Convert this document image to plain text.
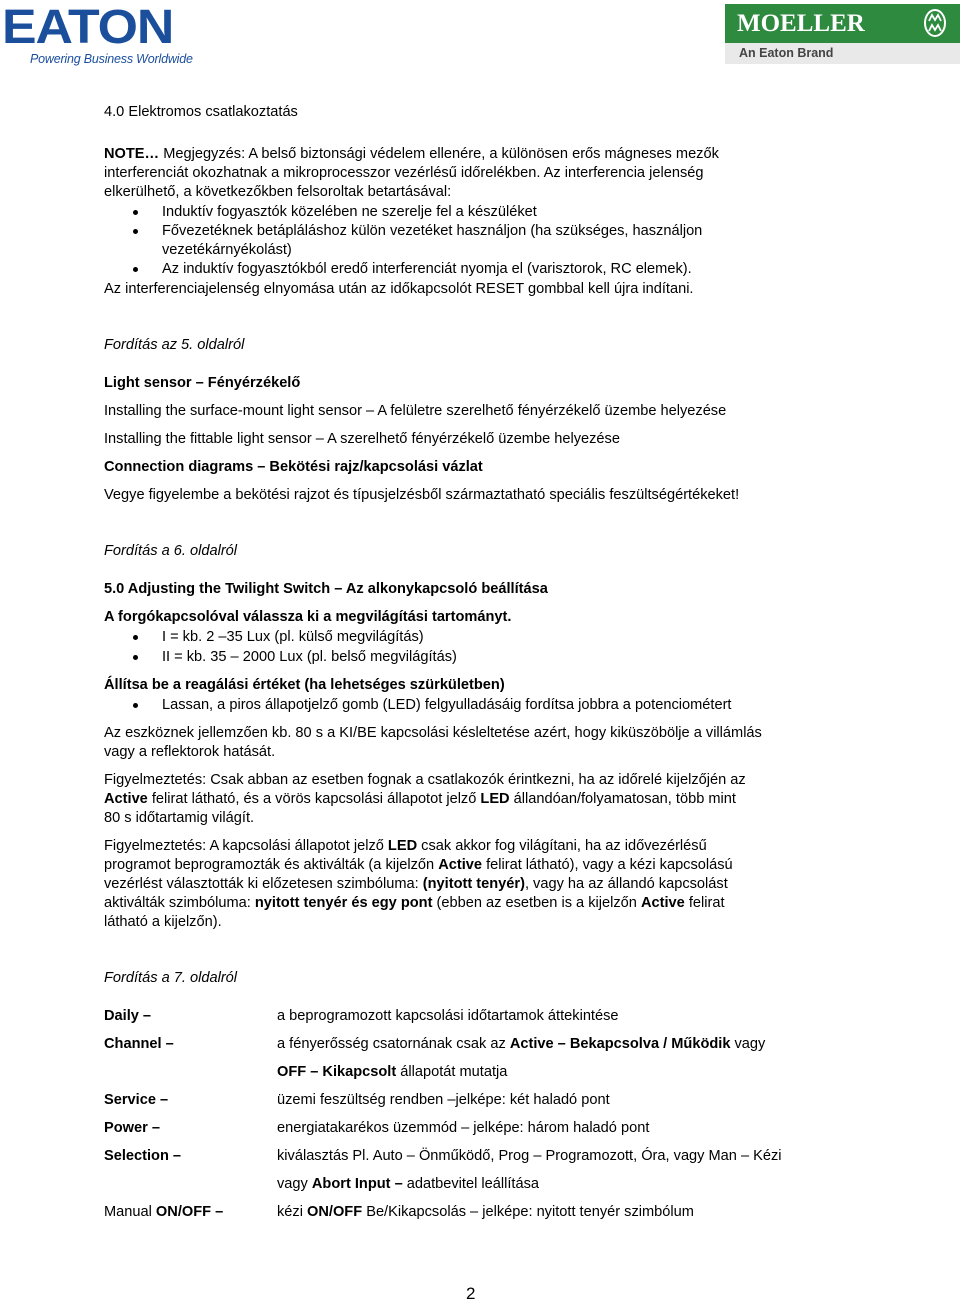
EATON
Powering Business Worldwide
MOELLER
An Eaton Brand
4.0 Elektromos csatlakoztatás
NOTE… Megjegyzés: A belső biztonsági védelem ellenére, a különösen erős mágneses mezők
interferenciát okozhatnak a mikroprocesszor vezérlésű időrelékben. Az interferencia jelenség
elkerülhető, a következőkben felsoroltak betartásával:
Induktív fogyasztók közelében ne szerelje fel a készüléket
Fővezetéknek betápláláshoz külön vezetéket használjon (ha szükséges, használjon
vezetékárnyékolást)
Az induktív fogyasztókból eredő interferenciát nyomja el (varisztorok, RC elemek).
Az interferenciajelenség elnyomása után az időkapcsolót RESET gombbal kell újra indítani.
Fordítás az 5. oldalról
Light sensor – Fényérzékelő
Installing the surface-mount light sensor – A felületre szerelhető fényérzékelő üzembe helyezése
Installing the fittable light sensor – A szerelhető fényérzékelő üzembe helyezése
Connection diagrams – Bekötési rajz/kapcsolási vázlat
Vegye figyelembe a bekötési rajzot és típusjelzésből származtatható speciális feszültségértékeket!
Fordítás a 6. oldalról
5.0 Adjusting the Twilight Switch – Az alkonykapcsoló beállítása
A forgókapcsolóval válassza ki a megvilágítási tartományt.
I = kb. 2 –35 Lux (pl. külső megvilágítás)
II = kb. 35 – 2000 Lux (pl. belső megvilágítás)
Állítsa be a reagálási értéket (ha lehetséges szürkületben)
Lassan, a piros állapotjelző gomb (LED) felgyulladásáig fordítsa jobbra a potenciométert
Az eszköznek jellemzően kb. 80 s a KI/BE kapcsolási késleltetése azért, hogy kiküszöbölje a villámlás
vagy a reflektorok hatását.
Figyelmeztetés: Csak abban az esetben fognak a csatlakozók érintkezni, ha az időrelé kijelzőjén az
Active felirat látható, és a vörös kapcsolási állapotot jelző LED állandóan/folyamatosan, több mint
80 s időtartamig világít.
Figyelmeztetés: A kapcsolási állapotot jelző LED csak akkor fog világítani, ha az idővezérlésű
programot beprogramozták és aktiválták (a kijelzőn Active felirat látható), vagy a kézi kapcsolású
vezérlést választották ki előzetesen szimbóluma: (nyitott tenyér), vagy ha az állandó kapcsolást
aktiválták szimbóluma: nyitott tenyér és egy pont (ebben az esetben is a kijelzőn Active felirat
látható a kijelzőn).
Fordítás a 7. oldalról
Daily –	a beprogramozott kapcsolási időtartamok áttekintése
Channel –	a fényerősség csatornának csak az Active – Bekapcsolva / Működik vagy
OFF – Kikapcsolt állapotát mutatja
Service –	üzemi feszültség rendben –jelképe: két haladó pont
Power –	energiatakarékos üzemmód – jelképe: három haladó pont
Selection –	kiválasztás Pl. Auto – Önműködő, Prog – Programozott, Óra, vagy Man – Kézi
vagy Abort Input – adatbevitel leállítása
Manual ON/OFF –	kézi ON/OFF Be/Kikapcsolás – jelképe: nyitott tenyér szimbólum
2
